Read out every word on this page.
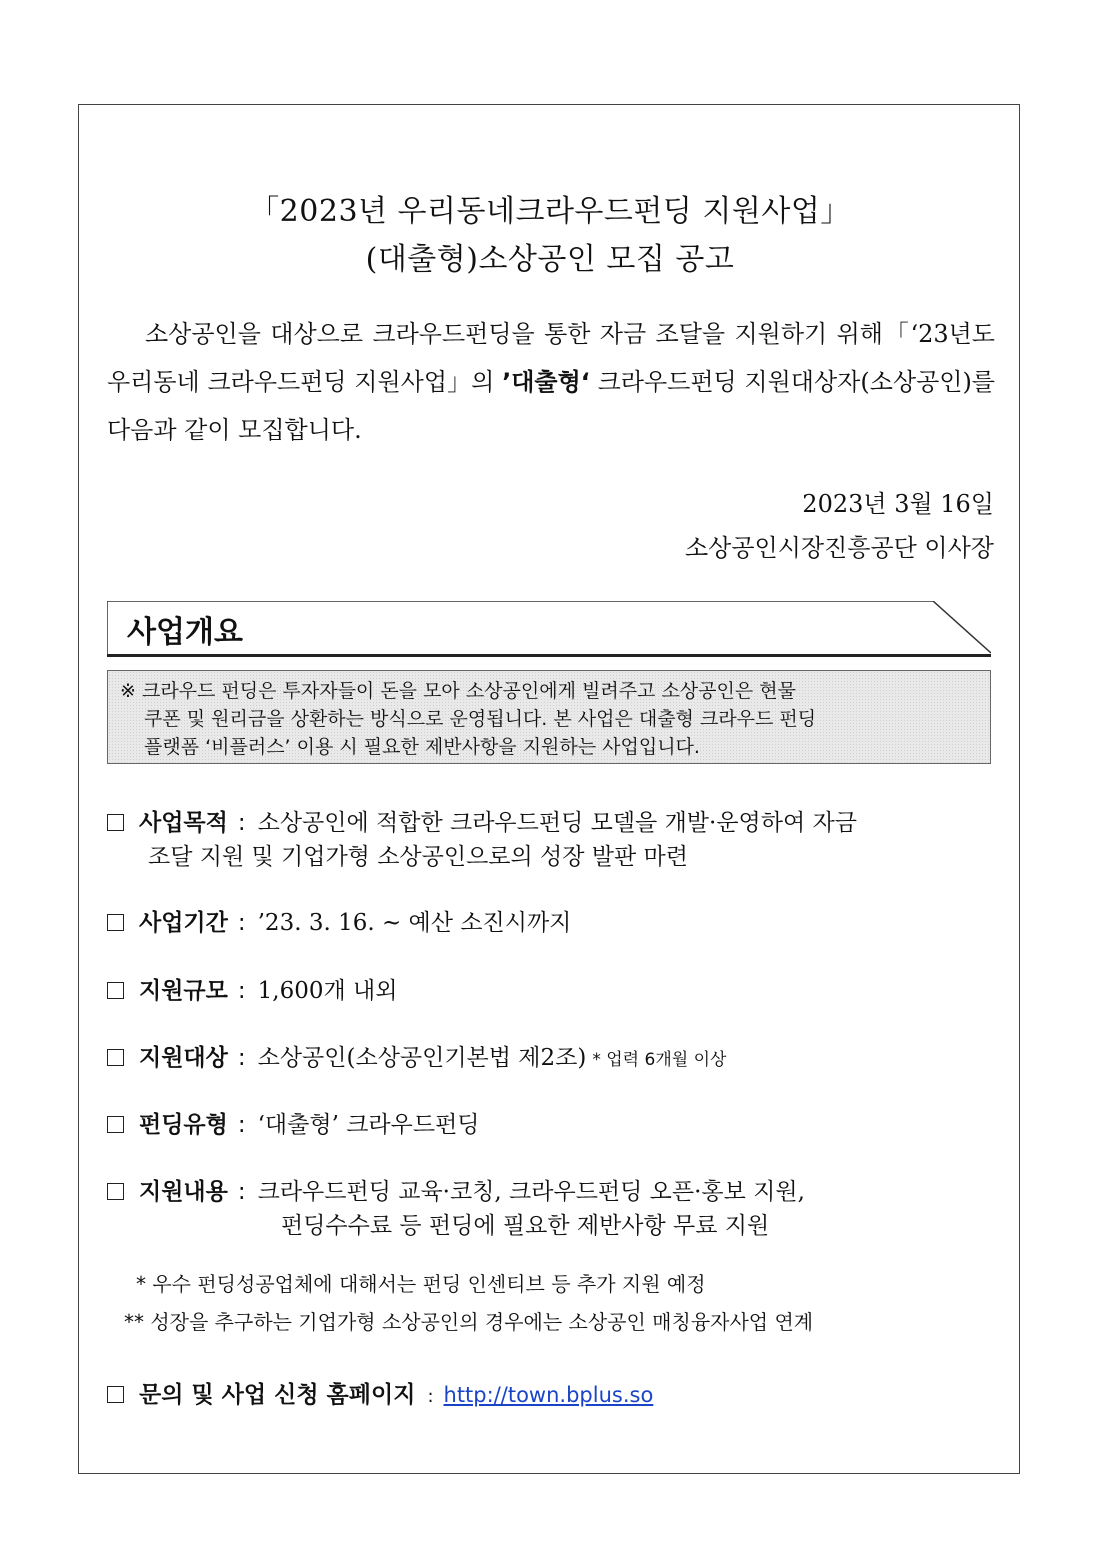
「2023년 우리동네크라우드펀딩 지원사업」
(대출형)소상공인 모집 공고
소상공인을 대상으로 크라우드펀딩을 통한 자금 조달을 지원하기 위해「‘23년도 우리동네 크라우드펀딩 지원사업」의 ’대출형‘ 크라우드펀딩 지원대상자(소상공인)를 다음과 같이 모집합니다.
2023년 3월 16일
소상공인시장진흥공단 이사장
사업개요
※ 크라우드 펀딩은 투자자들이 돈을 모아 소상공인에게 빌려주고 소상공인은 현물
쿠폰 및 원리금을 상환하는 방식으로 운영됩니다. 본 사업은 대출형 크라우드 펀딩
플랫폼 ‘비플러스’ 이용 시 필요한 제반사항을 지원하는 사업입니다.
사업목적 : 소상공인에 적합한 크라우드펀딩 모델을 개발·운영하여 자금
조달 지원 및 기업가형 소상공인으로의 성장 발판 마련
사업기간 : ’23. 3. 16. ~ 예산 소진시까지
지원규모 : 1,600개 내외
지원대상 : 소상공인(소상공인기본법 제2조) * 업력 6개월 이상
펀딩유형 : ‘대출형’ 크라우드펀딩
지원내용 : 크라우드펀딩 교육·코칭, 크라우드펀딩 오픈·홍보 지원,
펀딩수수료 등 펀딩에 필요한 제반사항 무료 지원
* 우수 펀딩성공업체에 대해서는 펀딩 인센티브 등 추가 지원 예정
** 성장을 추구하는 기업가형 소상공인의 경우에는 소상공인 매칭융자사업 연계
문의 및 사업 신청 홈페이지 : http://town.bplus.so
